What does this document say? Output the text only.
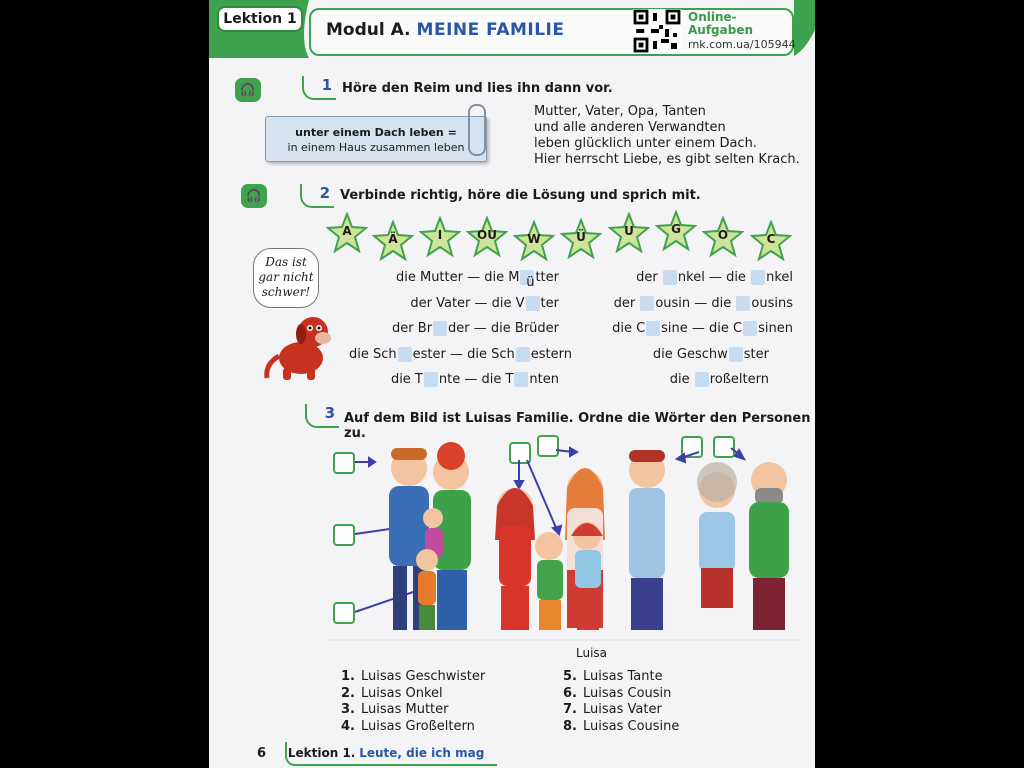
Lektion 1
Modul A. MEINE FAMILIE
Online-
Aufgaben
rnk.com.ua/105944
🎧	1 Höre den Reim und lies ihn dann vor.
unter einem Dach leben =
in einem Haus zusammen leben
Mutter, Vater, Opa, Tanten
und alle anderen Verwandten
leben glücklich unter einem Dach.
Hier herrscht Liebe, es gibt selten Krach.
🎧	2 Verbinde richtig, höre die Lösung und sprich mit.
A
Ä	I	OU	W	Ü	U	G	O	C
Das ist
gar nicht
schwer!
die Mutter — die M ütter
der Vater — die V ter
der Br der — die Brüder
die Sch ester — die Sch estern
die T nte — die T nten
der nkel — die nkel
der ousin — die ousins
die C sine — die C sinen
die Geschw ster
die roßeltern
3 Auf dem Bild ist Luisas Familie. Ordne die Wörter den Personen zu.
Luisa
1. Luisas Geschwister
2. Luisas Onkel
3. Luisas Mutter
4. Luisas Großeltern
5. Luisas Tante
6. Luisas Cousin
7. Luisas Vater
8. Luisas Cousine
6 Lektion 1. Leute, die ich mag
